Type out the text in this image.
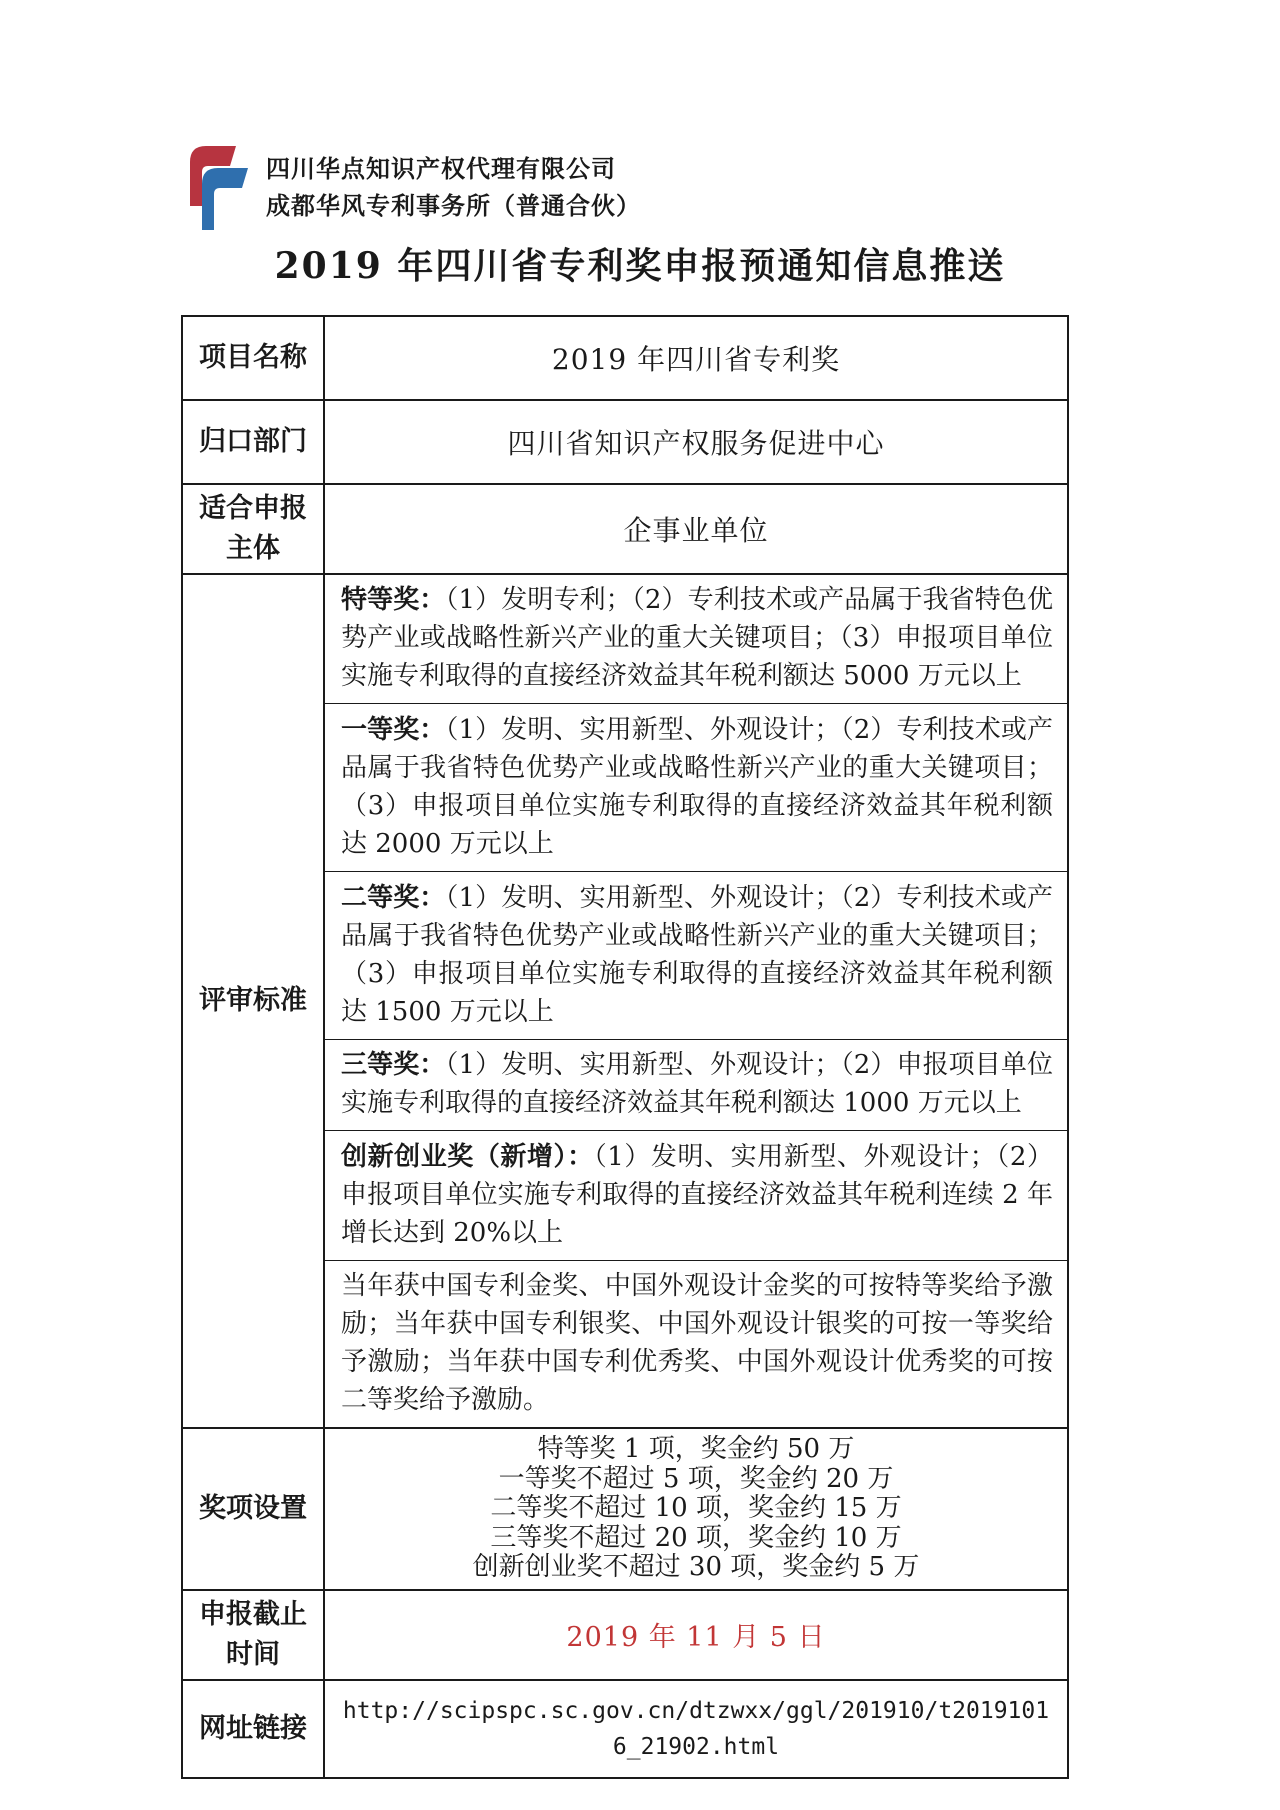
四川华点知识产权代理有限公司
成都华风专利事务所（普通合伙）
2019 年四川省专利奖申报预通知信息推送
项目名称	2019 年四川省专利奖
归口部门	四川省知识产权服务促进中心
适合申报主体	企事业单位
评审标准	特等奖：（1）发明专利；（2）专利技术或产品属于我省特色优势产业或战略性新兴产业的重大关键项目；（3）申报项目单位实施专利取得的直接经济效益其年税利额达 5000 万元以上
	一等奖：（1）发明、实用新型、外观设计；（2）专利技术或产品属于我省特色优势产业或战略性新兴产业的重大关键项目；（3）申报项目单位实施专利取得的直接经济效益其年税利额达 2000 万元以上
	二等奖：（1）发明、实用新型、外观设计；（2）专利技术或产品属于我省特色优势产业或战略性新兴产业的重大关键项目；（3）申报项目单位实施专利取得的直接经济效益其年税利额达 1500 万元以上
	三等奖：（1）发明、实用新型、外观设计；（2）申报项目单位实施专利取得的直接经济效益其年税利额达 1000 万元以上
	创新创业奖（新增）：（1）发明、实用新型、外观设计；（2）申报项目单位实施专利取得的直接经济效益其年税利连续 2 年增长达到 20%以上
	当年获中国专利金奖、中国外观设计金奖的可按特等奖给予激励；当年获中国专利银奖、中国外观设计银奖的可按一等奖给予激励；当年获中国专利优秀奖、中国外观设计优秀奖的可按二等奖给予激励。
奖项设置	特等奖 1 项，奖金约 50 万
一等奖不超过 5 项，奖金约 20 万
二等奖不超过 10 项，奖金约 15 万
三等奖不超过 20 项，奖金约 10 万
创新创业奖不超过 30 项，奖金约 5 万

申报截止时间	2019 年 11 月 5 日
网址链接	http://scipspc.sc.gov.cn/dtzwxx/ggl/201910/t20191016_21902.html
